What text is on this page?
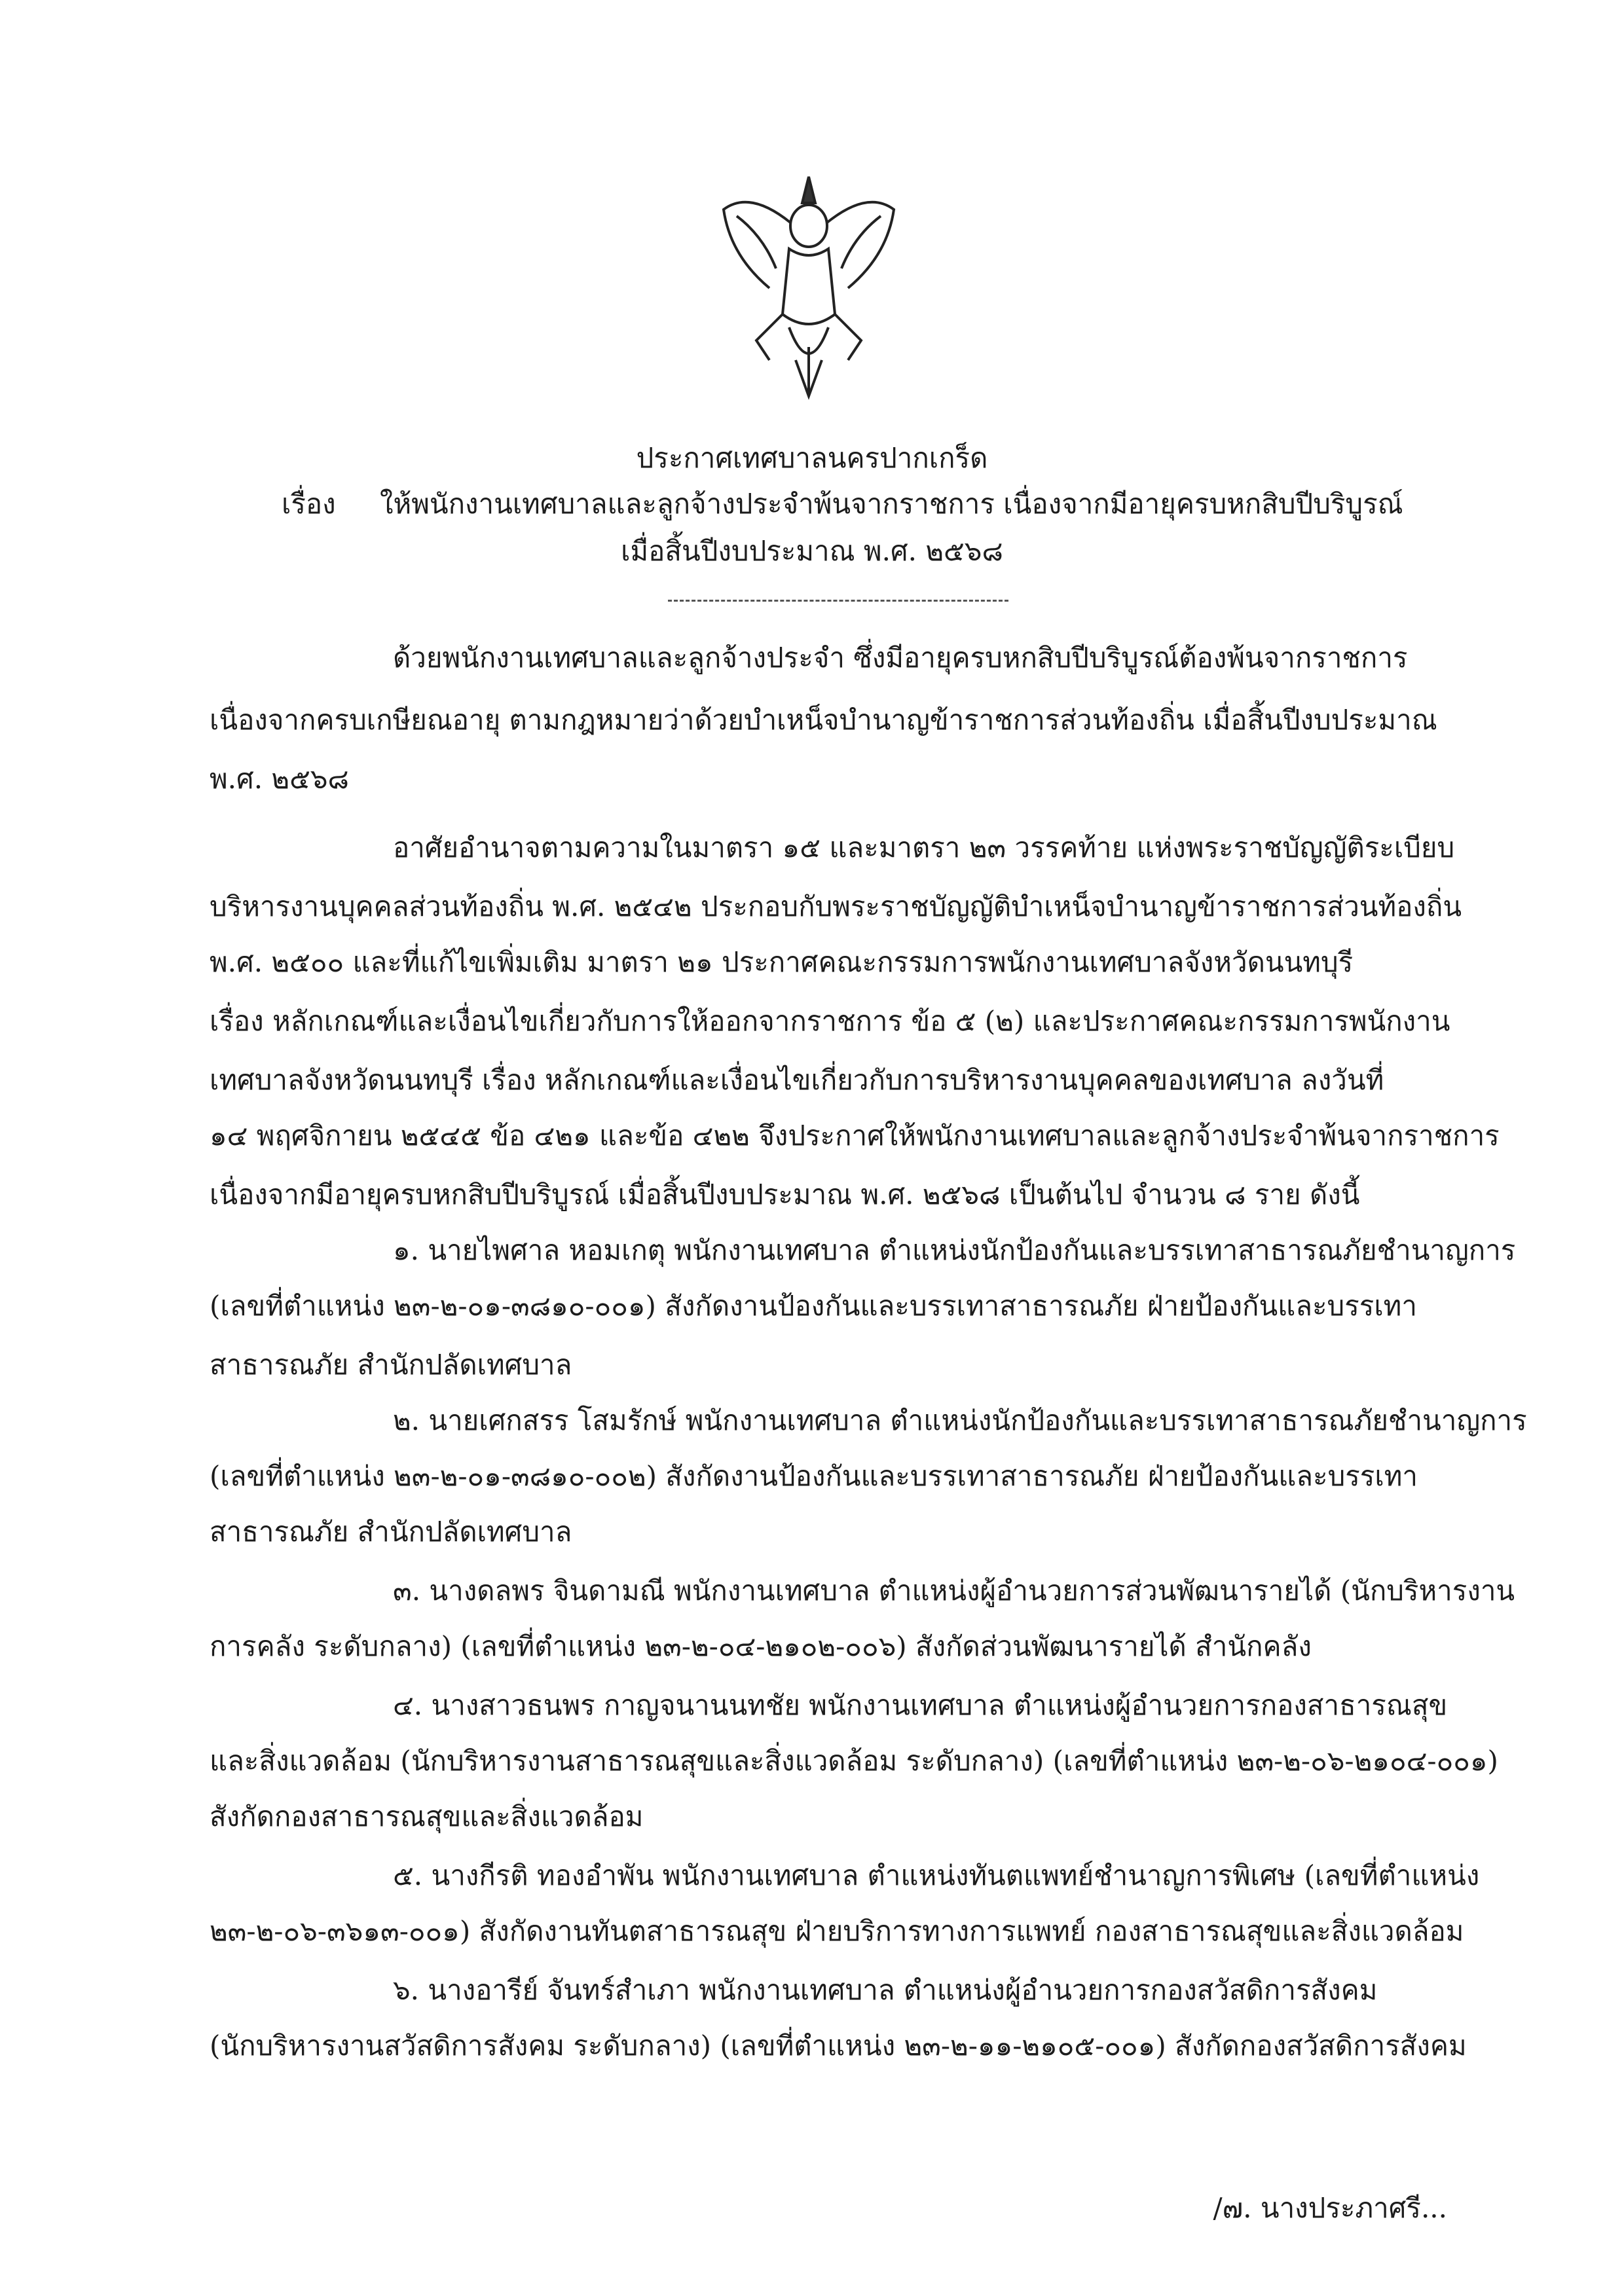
ประกาศเทศบาลนครปากเกร็ด
เรื่อง ให้พนักงานเทศบาลและลูกจ้างประจำพ้นจากราชการ เนื่องจากมีอายุครบหกสิบปีบริบูรณ์
เมื่อสิ้นปีงบประมาณ พ.ศ. ๒๕๖๘
ด้วยพนักงานเทศบาลและลูกจ้างประจำ ซึ่งมีอายุครบหกสิบปีบริบูรณ์ต้องพ้นจากราชการ
เนื่องจากครบเกษียณอายุ ตามกฎหมายว่าด้วยบำเหน็จบำนาญข้าราชการส่วนท้องถิ่น เมื่อสิ้นปีงบประมาณ
พ.ศ. ๒๕๖๘
อาศัยอำนาจตามความในมาตรา ๑๕ และมาตรา ๒๓ วรรคท้าย แห่งพระราชบัญญัติระเบียบ
บริหารงานบุคคลส่วนท้องถิ่น พ.ศ. ๒๕๔๒ ประกอบกับพระราชบัญญัติบำเหน็จบำนาญข้าราชการส่วนท้องถิ่น
พ.ศ. ๒๕๐๐ และที่แก้ไขเพิ่มเติม มาตรา ๒๑ ประกาศคณะกรรมการพนักงานเทศบาลจังหวัดนนทบุรี
เรื่อง หลักเกณฑ์และเงื่อนไขเกี่ยวกับการให้ออกจากราชการ ข้อ ๕ (๒) และประกาศคณะกรรมการพนักงาน
เทศบาลจังหวัดนนทบุรี เรื่อง หลักเกณฑ์และเงื่อนไขเกี่ยวกับการบริหารงานบุคคลของเทศบาล ลงวันที่
๑๔ พฤศจิกายน ๒๕๔๕ ข้อ ๔๒๑ และข้อ ๔๒๒ จึงประกาศให้พนักงานเทศบาลและลูกจ้างประจำพ้นจากราชการ
เนื่องจากมีอายุครบหกสิบปีบริบูรณ์ เมื่อสิ้นปีงบประมาณ พ.ศ. ๒๕๖๘ เป็นต้นไป จำนวน ๘ ราย ดังนี้
๑. นายไพศาล หอมเกตุ พนักงานเทศบาล ตำแหน่งนักป้องกันและบรรเทาสาธารณภัยชำนาญการ
(เลขที่ตำแหน่ง ๒๓-๒-๐๑-๓๘๑๐-๐๐๑) สังกัดงานป้องกันและบรรเทาสาธารณภัย ฝ่ายป้องกันและบรรเทา
สาธารณภัย สำนักปลัดเทศบาล
๒. นายเศกสรร โสมรักษ์ พนักงานเทศบาล ตำแหน่งนักป้องกันและบรรเทาสาธารณภัยชำนาญการ
(เลขที่ตำแหน่ง ๒๓-๒-๐๑-๓๘๑๐-๐๐๒) สังกัดงานป้องกันและบรรเทาสาธารณภัย ฝ่ายป้องกันและบรรเทา
สาธารณภัย สำนักปลัดเทศบาล
๓. นางดลพร จินดามณี พนักงานเทศบาล ตำแหน่งผู้อำนวยการส่วนพัฒนารายได้ (นักบริหารงาน
การคลัง ระดับกลาง) (เลขที่ตำแหน่ง ๒๓-๒-๐๔-๒๑๐๒-๐๐๖) สังกัดส่วนพัฒนารายได้ สำนักคลัง
๔. นางสาวธนพร กาญจนานนทชัย พนักงานเทศบาล ตำแหน่งผู้อำนวยการกองสาธารณสุข
และสิ่งแวดล้อม (นักบริหารงานสาธารณสุขและสิ่งแวดล้อม ระดับกลาง) (เลขที่ตำแหน่ง ๒๓-๒-๐๖-๒๑๐๔-๐๐๑)
สังกัดกองสาธารณสุขและสิ่งแวดล้อม
๕. นางกีรติ ทองอำพัน พนักงานเทศบาล ตำแหน่งทันตแพทย์ชำนาญการพิเศษ (เลขที่ตำแหน่ง
๒๓-๒-๐๖-๓๖๑๓-๐๐๑) สังกัดงานทันตสาธารณสุข ฝ่ายบริการทางการแพทย์ กองสาธารณสุขและสิ่งแวดล้อม
๖. นางอารีย์ จันทร์สำเภา พนักงานเทศบาล ตำแหน่งผู้อำนวยการกองสวัสดิการสังคม
(นักบริหารงานสวัสดิการสังคม ระดับกลาง) (เลขที่ตำแหน่ง ๒๓-๒-๑๑-๒๑๐๕-๐๐๑) สังกัดกองสวัสดิการสังคม
/๗. นางประภาศรี...
